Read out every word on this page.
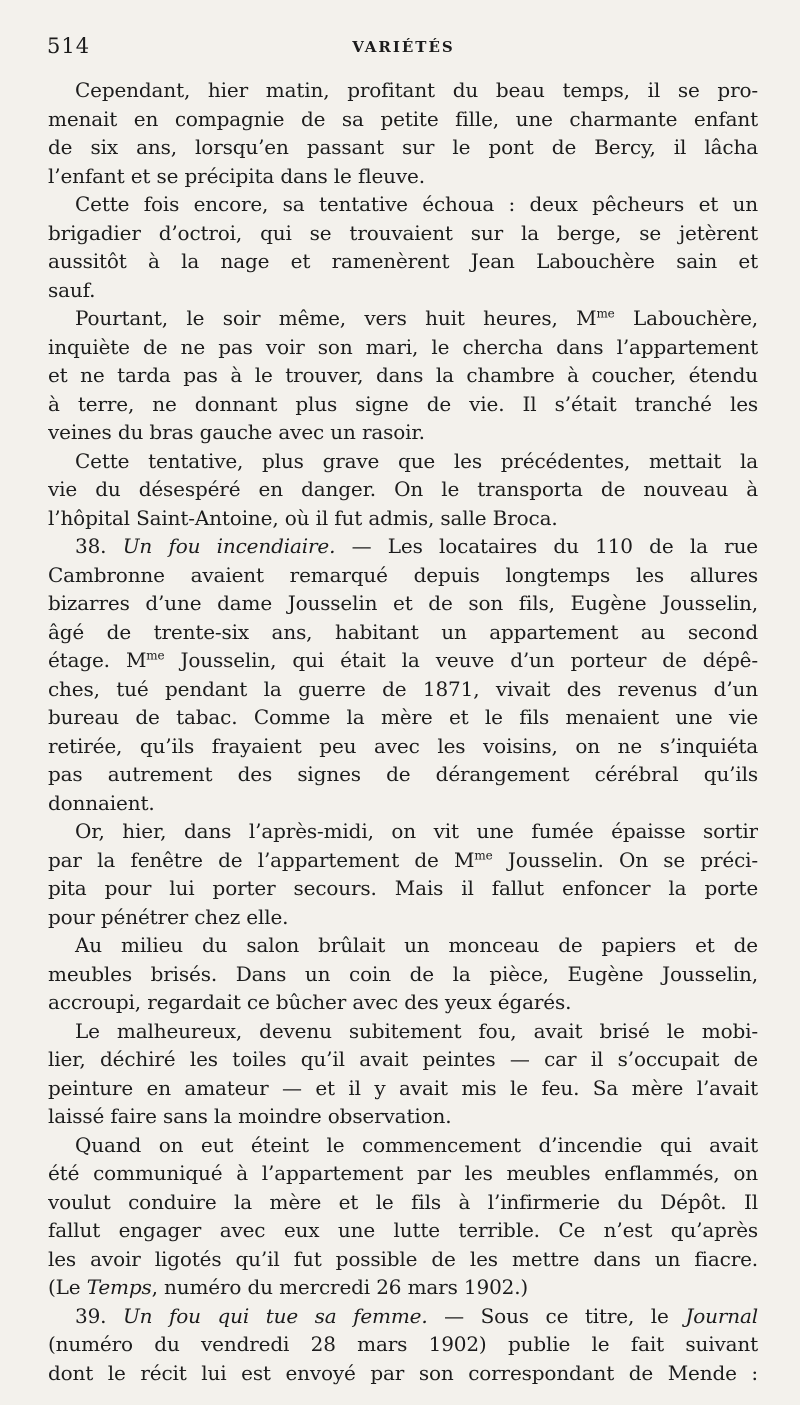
514	VARIÉTÉS
Cependant, hier matin, profitant du beau temps, il se pro-
menait en compagnie de sa petite fille, une charmante enfant
de six ans, lorsqu’en passant sur le pont de Bercy, il lâcha
l’enfant et se précipita dans le fleuve.
Cette fois encore, sa tentative échoua : deux pêcheurs et un
brigadier d’octroi, qui se trouvaient sur la berge, se jetèrent
aussitôt à la nage et ramenèrent Jean Labouchère sain et
sauf.
Pourtant, le soir même, vers huit heures, $M^{me}$ Labouchère,
inquiète de ne pas voir son mari, le chercha dans l’appartement
et ne tarda pas à le trouver, dans la chambre à coucher, étendu
à terre, ne donnant plus signe de vie. Il s’était tranché les
veines du bras gauche avec un rasoir.
Cette tentative, plus grave que les précédentes, mettait la
vie du désespéré en danger. On le transporta de nouveau à
l’hôpital Saint-Antoine, où il fut admis, salle Broca.
38. Un fou incendiaire. — Les locataires du 110 de la rue
Cambronne avaient remarqué depuis longtemps les allures
bizarres d’une dame Jousselin et de son fils, Eugène Jousselin,
âgé de trente-six ans, habitant un appartement au second
étage. $M^{me}$ Jousselin, qui était la veuve d’un porteur de dépê-
ches, tué pendant la guerre de 1871, vivait des revenus d’un
bureau de tabac. Comme la mère et le fils menaient une vie
retirée, qu’ils frayaient peu avec les voisins, on ne s’inquiéta
pas autrement des signes de dérangement cérébral qu’ils
donnaient.
Or, hier, dans l’après-midi, on vit une fumée épaisse sortir
par la fenêtre de l’appartement de $M^{me}$ Jousselin. On se préci-
pita pour lui porter secours. Mais il fallut enfoncer la porte
pour pénétrer chez elle.
Au milieu du salon brûlait un monceau de papiers et de
meubles brisés. Dans un coin de la pièce, Eugène Jousselin,
accroupi, regardait ce bûcher avec des yeux égarés.
Le malheureux, devenu subitement fou, avait brisé le mobi-
lier, déchiré les toiles qu’il avait peintes — car il s’occupait de
peinture en amateur — et il y avait mis le feu. Sa mère l’avait
laissé faire sans la moindre observation.
Quand on eut éteint le commencement d’incendie qui avait
été communiqué à l’appartement par les meubles enflammés, on
voulut conduire la mère et le fils à l’infirmerie du Dépôt. Il
fallut engager avec eux une lutte terrible. Ce n’est qu’après
les avoir ligotés qu’il fut possible de les mettre dans un fiacre.
(Le Temps, numéro du mercredi 26 mars 1902.)
39. Un fou qui tue sa femme. — Sous ce titre, le Journal
(numéro du vendredi 28 mars 1902) publie le fait suivant
dont le récit lui est envoyé par son correspondant de Mende :
